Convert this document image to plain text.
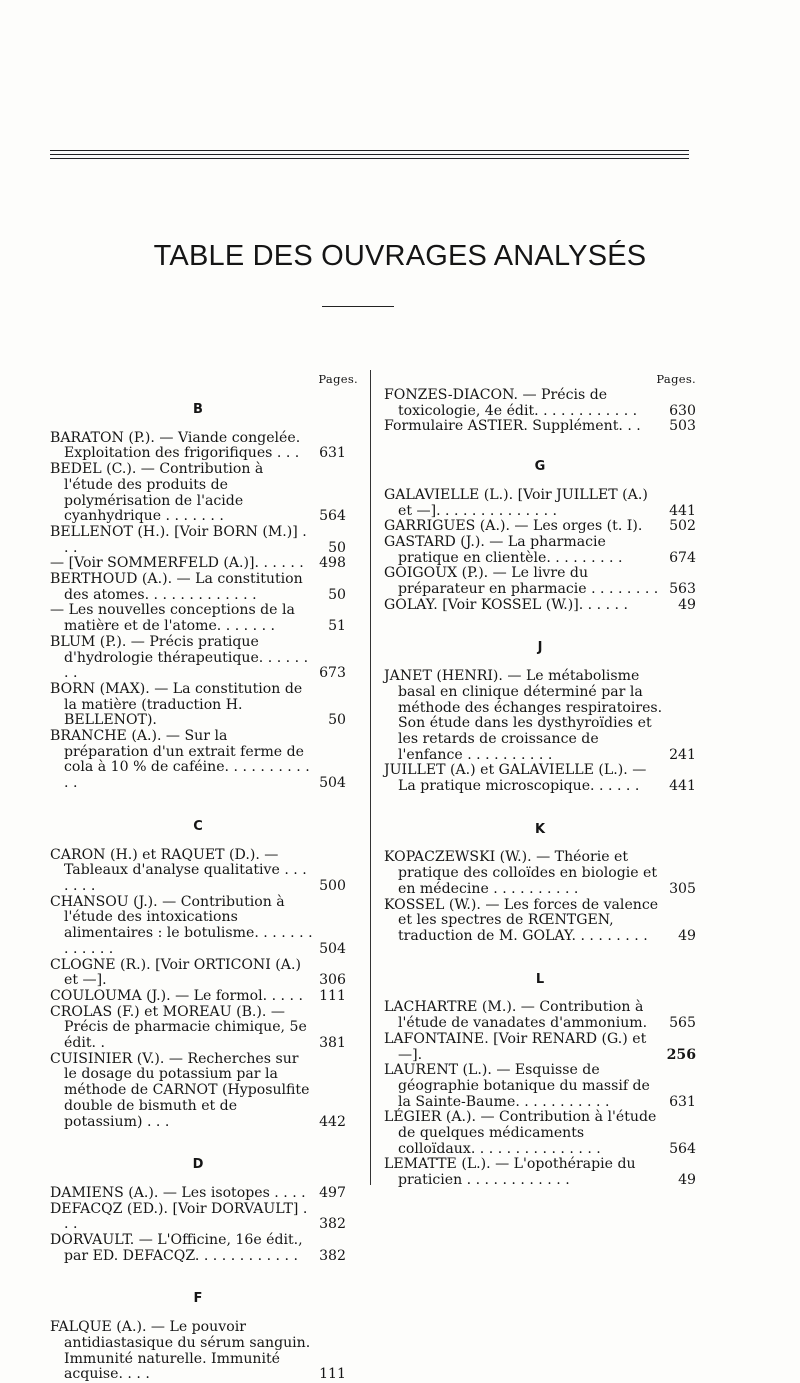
TABLE DES OUVRAGES ANALYSÉS
Pages.
B
BARATON (P.). — Viande congelée. Exploitation des frigorifiques . . . 631
BEDEL (C.). — Contribution à l'étude des produits de polymérisation de l'acide cyanhydrique . . . . . . .	564
BELLENOT (H.). [Voir BORN (M.)] . . .	50
— [Voir SOMMERFELD (A.)]. . . . . . 498
BERTHOUD (A.). — La constitution des atomes. . . . . . . . . . . . .	50
— Les nouvelles conceptions de la matière et de l'atome. . . . . . .	51
BLUM (P.). — Précis pratique d'hydrologie thérapeutique. . . . . . . .	673
BORN (MAX). — La constitution de la matière (traduction H. BELLENOT).	50
BRANCHE (A.). — Sur la préparation d'un extrait ferme de cola à 10 % de caféine. . . . . . . . . . . .	504
C
CARON (H.) et RAQUET (D.). — Tableaux d'analyse qualitative . . . . . . .	500
CHANSOU (J.). — Contribution à l'étude des intoxications alimentaires : le botulisme. . . . . . . . . . . . .	504
CLOGNE (R.). [Voir ORTICONI (A.) et —].	306
COULOUMA (J.). — Le formol. . . . . 111
CROLAS (F.) et MOREAU (B.). — Précis de pharmacie chimique, 5e édit. .	381
CUISINIER (V.). — Recherches sur le dosage du potassium par la méthode de CARNOT (Hyposulfite double de bismuth et de potassium) . . .	442
D
DAMIENS (A.). — Les isotopes . . . . 497
DEFACQZ (ED.). [Voir DORVAULT] . . .	382
DORVAULT. — L'Officine, 16e édit., par ED. DEFACQZ. . . . . . . . . . . . 382
F
FALQUE (A.). — Le pouvoir antidiastasique du sérum sanguin. Immunité naturelle. Immunité acquise. . . .	111
Pages.
FONZES-DIACON. — Précis de toxicologie, 4e édit. . . . . . . . . . . . 630
Formulaire ASTIER. Supplément. . . 503
G
GALAVIELLE (L.). [Voir JUILLET (A.) et —]. . . . . . . . . . . . . .	441
GARRIGUES (A.). — Les orges (t. I). 502
GASTARD (J.). — La pharmacie pratique en clientèle. . . . . . . . .	674
GOIGOUX (P.). — Le livre du préparateur en pharmacie . . . . . . . . 563
GOLAY. [Voir KOSSEL (W.)]. . . . . .	49
J
JANET (HENRI). — Le métabolisme basal en clinique déterminé par la méthode des échanges respiratoires. Son étude dans les dysthyroïdies et les retards de croissance de l'enfance . . . . . . . . . .	241
JUILLET (A.) et GALAVIELLE (L.). — La pratique microscopique. . . . . . 441
K
KOPACZEWSKI (W.). — Théorie et pratique des colloïdes en biologie et en médecine . . . . . . . . . .	305
KOSSEL (W.). — Les forces de valence et les spectres de RŒNTGEN, traduction de M. GOLAY. . . . . . . . . 49
L
LACHARTRE (M.). — Contribution à l'étude de vanadates d'ammonium. 565
LAFONTAINE. [Voir RENARD (G.) et —].	256
LAURENT (L.). — Esquisse de géographie botanique du massif de la Sainte-Baume. . . . . . . . . . .	631
LÉGIER (A.). — Contribution à l'étude de quelques médicaments colloïdaux. . . . . . . . . . . . . . .	564
LEMATTE (L.). — L'opothérapie du praticien . . . . . . . . . . . .	49
